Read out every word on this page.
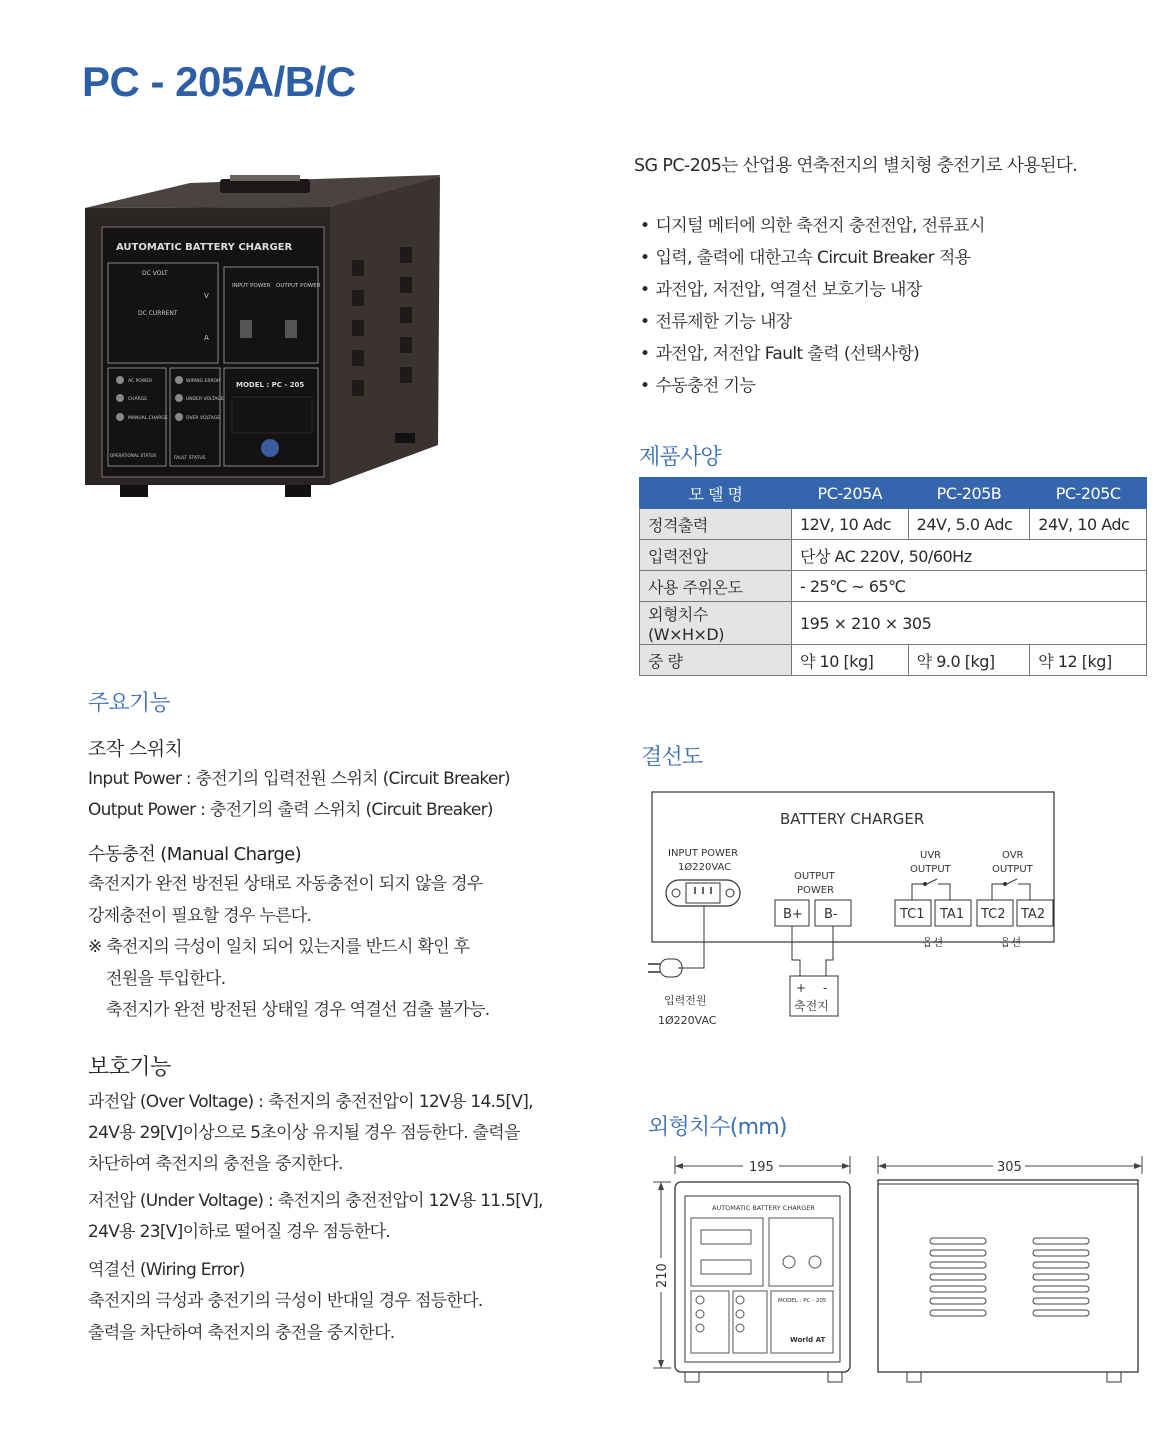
PC - 205A/B/C
AUTOMATIC BATTERY CHARGER
DC VOLT
DC CURRENT
V
A
INPUT POWER OUTPUT POWER
AC POWER
CHARGE
MANUAL CHARGE
WIRING ERROR
UNDER VOLTAGE
OVER VOLTAGE
OPERATIONAL STATUS
FAULT STATUS
MODEL : PC - 205
SG PC-205는 산업용 연축전지의 별치형 충전기로 사용된다.
• 디지털 메터에 의한 축전지 충전전압, 전류표시
• 입력, 출력에 대한고속 Circuit Breaker 적용
• 과전압, 저전압, 역결선 보호기능 내장
• 전류제한 기능 내장
• 과전압, 저전압 Fault 출력 (선택사항)
• 수동충전 기능
제품사양
모 델 명	PC-205A	PC-205B	PC-205C
정격출력	12V, 10 Adc	24V, 5.0 Adc	24V, 10 Adc
입력전압	단상 AC 220V, 50/60Hz		
사용 주위온도	- 25℃ ~ 65℃		
외형치수(W×H×D)	195 × 210 × 305		
중 량	약 10 [kg]	약 9.0 [kg]	약 12 [kg]
주요기능
조작 스위치
Input Power : 충전기의 입력전원 스위치 (Circuit Breaker)
Output Power : 충전기의 출력 스위치 (Circuit Breaker)
수동충전 (Manual Charge)
축전지가 완전 방전된 상태로 자동충전이 되지 않을 경우
강제충전이 필요할 경우 누른다.
※ 축전지의 극성이 일치 되어 있는지를 반드시 확인 후
전원을 투입한다.
축전지가 완전 방전된 상태일 경우 역결선 검출 불가능.
보호기능
과전압 (Over Voltage) : 축전지의 충전전압이 12V용 14.5[V],
24V용 29[V]이상으로 5초이상 유지될 경우 점등한다. 출력을
차단하여 축전지의 충전을 중지한다.
저전압 (Under Voltage) : 축전지의 충전전압이 12V용 11.5[V],
24V용 23[V]이하로 떨어질 경우 점등한다.
역결선 (Wiring Error)
축전지의 극성과 충전기의 극성이 반대일 경우 점등한다.
출력을 차단하여 축전지의 충전을 중지한다.
결선도
BATTERY CHARGER
INPUT POWER
1Ø220VAC
OUTPUT
POWER
B+ B-
UVR
OUTPUT
OVR
OUTPUT
TC1 TA1 TC2 TA2
옵션	옵션
입력전원
1Ø220VAC
+ -
축전지
외형치수(mm)
195	305
210
AUTOMATIC BATTERY CHARGER
MODEL : PC - 205
World AT
